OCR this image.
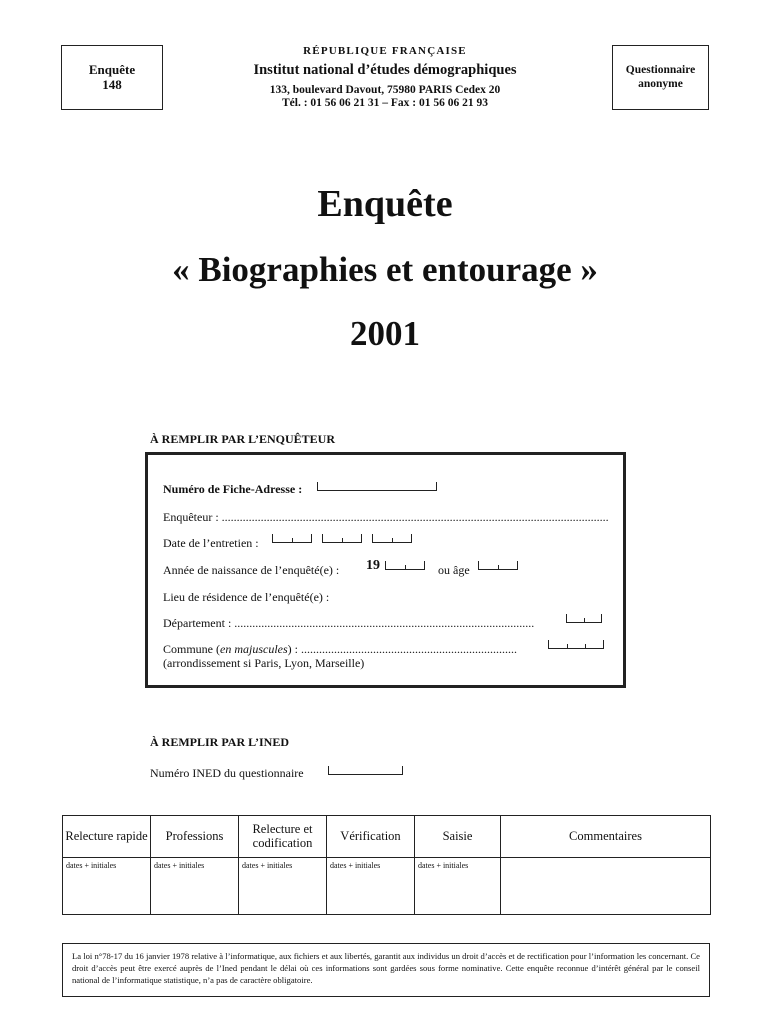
Enquête
148
RÉPUBLIQUE FRANÇAISE
Institut national d’études démographiques
133, boulevard Davout, 75980 PARIS Cedex 20
Tél. : 01 56 06 21 31 – Fax : 01 56 06 21 93
Questionnaire
anonyme
Enquête
« Biographies et entourage »
2001
À REMPLIR PAR L’ENQUÊTEUR
Numéro de Fiche-Adresse :
Enquêteur : .................................................................................................................................
Date de l’entretien :
Année de naissance de l’enquêté(e) : 19	ou âge
Lieu de résidence de l’enquêté(e) :
Département : ....................................................................................................
Commune (en majuscules) : ........................................................................
(arrondissement si Paris, Lyon, Marseille)
À REMPLIR PAR L’INED
Numéro INED du questionnaire
Relecture rapide	Professions	Relecture et codification	Vérification	Saisie	Commentaires
dates + initiales	dates + initiales	dates + initiales	dates + initiales	dates + initiales	
La loi n°78-17 du 16 janvier 1978 relative à l’informatique, aux fichiers et aux libertés, garantit aux individus un droit d’accès et de rectification pour l’information les concernant. Ce droit d’accès peut être exercé auprès de l’Ined pendant le délai où ces informations sont gardées sous forme nominative. Cette enquête reconnue d’intérêt général par le conseil national de l’informatique statistique, n’a pas de caractère obligatoire.
